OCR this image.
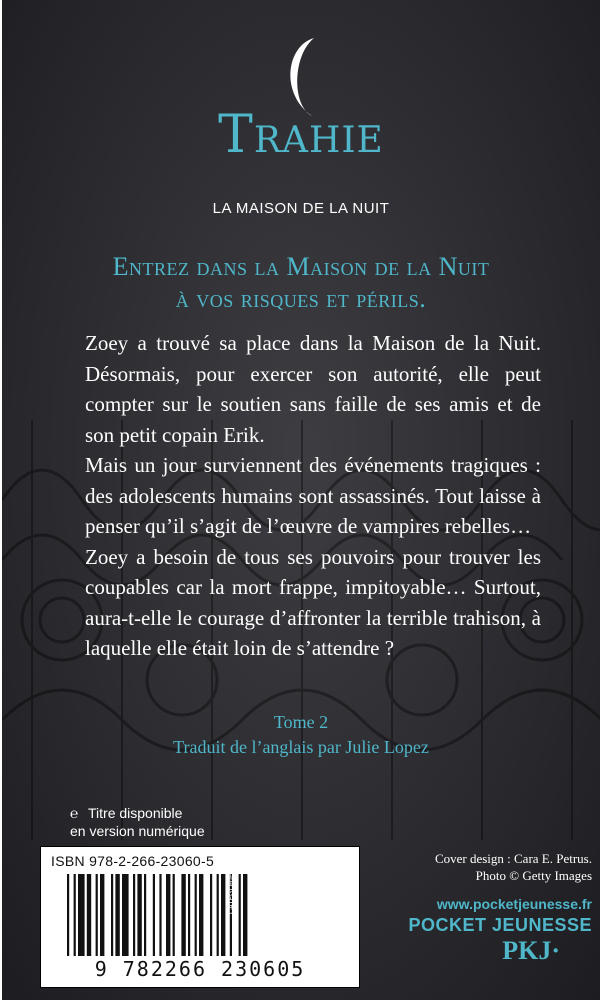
Trahie
LA MAISON DE LA NUIT
Entrez dans la Maison de la Nuit
à vos risques et périls.

Zoey a trouvé sa place dans la Maison de la Nuit. Désormais, pour exercer son autorité, elle peut compter sur le soutien sans faille de ses amis et de son petit copain Erik.

Mais un jour surviennent des événements tragiques : des adolescents humains sont assassinés. Tout laisse à penser qu’il s’agit de l’œuvre de vampires rebelles…

Zoey a besoin de tous ses pouvoirs pour trouver les coupables car la mort frappe, impitoyable… Surtout, aura-t-elle le courage d’affronter la terrible trahison, à laquelle elle était loin de s’attendre ?

Tome 2
Traduit de l’anglais par Julie Lopez
℮ Titre disponible
en version numérique
ISBN 978-2-266-23060-5
9 782266 230605
CATÉGORIE
7
Cover design : Cara E. Petrus.
Photo © Getty Images
www.pocketjeunesse.fr
POCKET JEUNESSE
PKJ·
